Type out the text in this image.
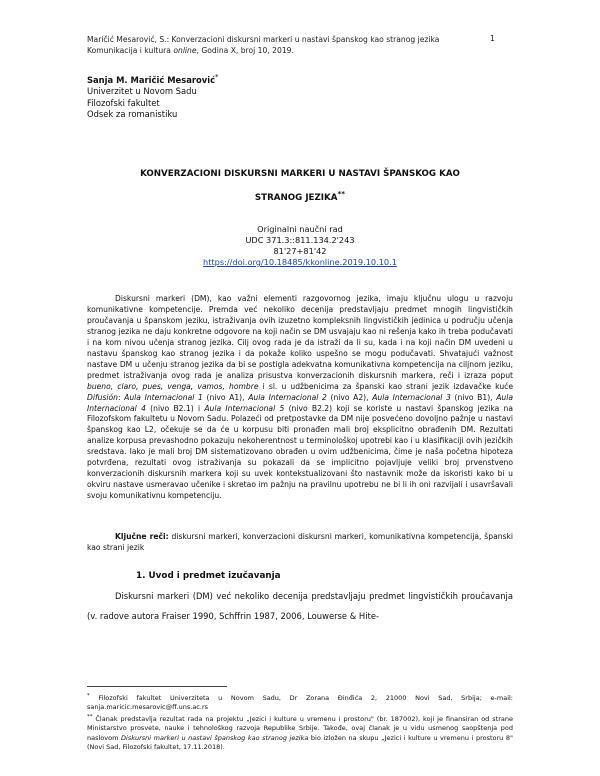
Maričić Mesarović, S.: Konverzacioni diskursni markeri u nastavi španskog kao stranog jezika
Komunikacija i kultura online, Godina X, broj 10, 2019.
1
Sanja M. Maričić Mesarović*
Univerzitet u Novom Sadu
Filozofski fakultet
Odsek za romanistiku
KONVERZACIONI DISKURSNI MARKERI U NASTAVI ŠPANSKOG KAO
STRANOG JEZIKA**
Originalni naučni rad
UDC 371.3::811.134.2'243
81'27+81'42
https://doi.org/10.18485/kkonline.2019.10.10.1

Diskursni markeri (DM), kao važni elementi razgovornog jezika, imaju ključnu ulogu u razvoju komunikativne kompetencije. Premda već nekoliko decenija predstavljaju predmet mnogih lingvističkih proučavanja u španskom jeziku, istraživanja ovih izuzetno kompleksnih lingvističkih jedinica u području učenja stranog jezika ne daju konkretne odgovore na koji način se DM usvajaju kao ni rešenja kako ih treba podučavati i na kom nivou učenja stranog jezika. Cilj ovog rada je da istraži da li su, kada i na koji način DM uvedeni u nastavu španskog kao stranog jezika i da pokaže koliko uspešno se mogu podučavati. Shvatajući važnost nastave DM u učenju stranog jezika da bi se postigla adekvatna komunikativna kompetencija na ciljnom jeziku, predmet istraživanja ovog rada je analiza prisustva konverzacionih diskursnih markera, reči i izraza poput bueno, claro, pues, venga, vamos, hombre i sl. u udžbenicima za španski kao strani jezik izdavačke kuće Difusión: Aula Internacional 1 (nivo A1), Aula Internacional 2 (nivo A2), Aula Internacional 3 (nivo B1), Aula Internacional 4 (nivo B2.1) i Aula Internacional 5 (nivo B2.2) koji se koriste u nastavi španskog jezika na Filozofskom fakultetu u Novom Sadu. Polazeći od pretpostavke da DM nije posvećeno dovoljno pažnje u nastavi španskog kao L2, očekuje se da će u korpusu biti pronađen mali broj eksplicitno obrađenih DM. Rezultati analize korpusa prevashodno pokazuju nekoherentnost u terminološkoj upotrebi kao i u klasifikaciji ovih jezičkih sredstava. Iako je mali broj DM sistematizovano obrađen u ovim udžbenicima, čime je naša početna hipoteza potvrđena, rezultati ovog istraživanja su pokazali da se implicitno pojavljuje veliki broj prvenstveno konverzacionih diskursnih markera koji su uvek kontekstualizovani što nastavnik može da iskoristi kako bi u okviru nastave usmeravao učenike i skretao im pažnju na pravilnu upotrebu ne bi li ih oni razvijali i usavršavali svoju komunikativnu kompetenciju.

Ključne reči: diskursni markeri, konverzacioni diskursni markeri, komunikativna kompetencija, španski kao strani jezik

1. Uvod i predmet izučavanja

Diskursni markeri (DM) već nekoliko decenija predstavljaju predmet lingvističkih proučavanja (v. radove autora Fraiser 1990, Schffrin 1987, 2006, Louwerse & Hite-

* Filozofski fakultet Univerziteta u Novom Sadu, Dr Zorana Đinđića 2, 21000 Novi Sad, Srbija; e-mail: sanja.maricic.mesarovic@ff.uns.ac.rs

** Članak predstavlja rezultat rada na projektu „Jezici i kulture u vremenu i prostoru" (br. 187002), koji je finansiran od strane Ministarstvo prosvete, nauke i tehnološkog razvoja Republike Srbije. Takođe, ovaj članak je u vidu usmenog saopštenja pod naslovom Diskursni markeri u nastavi španskog kao stranog jezika bio izložen na skupu „Jezici i kulture u vremenu i prostoru 8" (Novi Sad, Filozofski fakultet, 17.11.2018).
